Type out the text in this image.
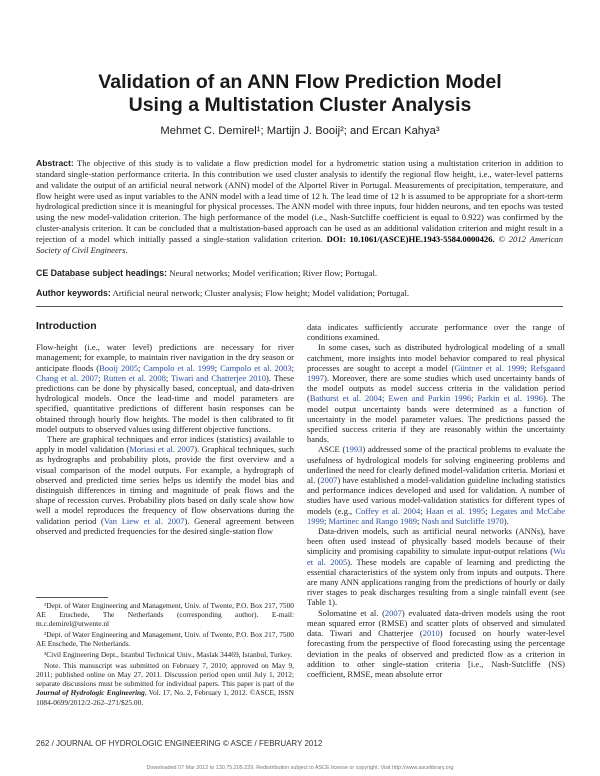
Validation of an ANN Flow Prediction Model
Using a Multistation Cluster Analysis
Mehmet C. Demirel¹; Martijn J. Booij²; and Ercan Kahya³
Abstract: The objective of this study is to validate a flow prediction model for a hydrometric station using a multistation criterion in addition to standard single-station performance criteria. In this contribution we used cluster analysis to identify the regional flow height, i.e., water-level patterns and validate the output of an artificial neural network (ANN) model of the Alportel River in Portugal. Measurements of precipitation, temperature, and flow height were used as input variables to the ANN model with a lead time of 12 h. The lead time of 12 h is assumed to be appropriate for a short-term hydrological prediction since it is meaningful for physical processes. The ANN model with three inputs, four hidden neurons, and ten epochs was tested using the new model-validation criterion. The high performance of the model (i.e., Nash-Sutcliffe coefficient is equal to 0.922) was confirmed by the cluster-analysis criterion. It can be concluded that a multistation-based approach can be used as an additional validation criterion and might result in a rejection of a model which initially passed a single-station validation criterion. DOI: 10.1061/(ASCE)HE.1943-5584.0000426. © 2012 American Society of Civil Engineers.
CE Database subject headings: Neural networks; Model verification; River flow; Portugal.
Author keywords: Artificial neural network; Cluster analysis; Flow height; Model validation; Portugal.
Introduction

Flow-height (i.e., water level) predictions are necessary for river management; for example, to maintain river navigation in the dry season or anticipate floods (Booij 2005; Campolo et al. 1999; Campolo et al. 2003; Chang et al. 2007; Rutten et al. 2008; Tiwari and Chatterjee 2010). These predictions can be done by physically based, conceptual, and data-driven hydrological models. Once the lead-time and model parameters are specified, quantitative predictions of different basin responses can be obtained through hourly flow heights. The model is then calibrated to fit model outputs to observed values using different objective functions.

There are graphical techniques and error indices (statistics) available to apply in model validation (Moriasi et al. 2007). Graphical techniques, such as hydrographs and probability plots, provide the first overview and a visual comparison of the model outputs. For example, a hydrograph of observed and predicted time series helps us identify the model bias and distinguish differences in timing and magnitude of peak flows and the shape of recession curves. Probability plots based on daily scale show how well a model reproduces the frequency of flow observations during the validation period (Van Liew et al. 2007). General agreement between observed and predicted frequencies for the desired single-station flow

¹Dept. of Water Engineering and Management, Univ. of Twente, P.O. Box 217, 7500 AE Enschede, The Netherlands (corresponding author). E-mail: m.c.demirel@utwente.nl

²Dept. of Water Engineering and Management, Univ. of Twente, P.O. Box 217, 7500 AE Enschede, The Netherlands.

³Civil Engineering Dept., Istanbul Technical Univ., Maslak 34469, Istanbul, Turkey.

Note. This manuscript was submitted on February 7, 2010; approved on May 9, 2011; published online on May 27, 2011. Discussion period open until July 1, 2012; separate discussions must be submitted for individual papers. This paper is part of the Journal of Hydrologic Engineering, Vol. 17, No. 2, February 1, 2012. ©ASCE, ISSN 1084-0699/2012/2-262–271/$25.00.

data indicates sufficiently accurate performance over the range of conditions examined.

In some cases, such as distributed hydrological modeling of a small catchment, more insights into model behavior compared to real physical processes are sought to accept a model (Güntner et al. 1999; Refsgaard 1997). Moreover, there are some studies which used uncertainty bands of the model outputs as model success criteria in the validation period (Bathurst et al. 2004; Ewen and Parkin 1996; Parkin et al. 1996). The model output uncertainty bands were determined as a function of uncertainty in the model parameter values. The predictions passed the specified success criteria if they are reasonably within the uncertainty bands.

ASCE (1993) addressed some of the practical problems to evaluate the usefulness of hydrological models for solving engineering problems and underlined the need for clearly defined model-validation criteria. Moriasi et al. (2007) have established a model-validation guideline including statistics and performance indices developed and used for validation. A number of studies have used various model-validation statistics for different types of models (e.g., Coffey et al. 2004; Haan et al. 1995; Legates and McCabe 1999; Martinec and Rango 1989; Nash and Sutcliffe 1970).

Data-driven models, such as artificial neural networks (ANNs), have been often used instead of physically based models because of their simplicity and promising capability to simulate input-output relations (Wu et al. 2005). These models are capable of learning and predicting the essential characteristics of the system only from inputs and outputs. There are many ANN applications ranging from the predictions of hourly or daily river stages to peak discharges resulting from a single rainfall event (see Table 1).

Solomatine et al. (2007) evaluated data-driven models using the root mean squared error (RMSE) and scatter plots of observed and simulated data. Tiwari and Chatterjee (2010) focused on hourly water-level forecasting from the perspective of flood forecasting using the percentage deviation in the peaks of observed and predicted flow as a criterion in addition to other single-station criteria [i.e., Nash-Sutcliffe (NS) coefficient, RMSE, mean absolute error

262 / JOURNAL OF HYDROLOGIC ENGINEERING © ASCE / FEBRUARY 2012
Downloaded 07 Mar 2012 to 130.75.205.229. Redistribution subject to ASCE license or copyright. Visit http://www.ascelibrary.org
